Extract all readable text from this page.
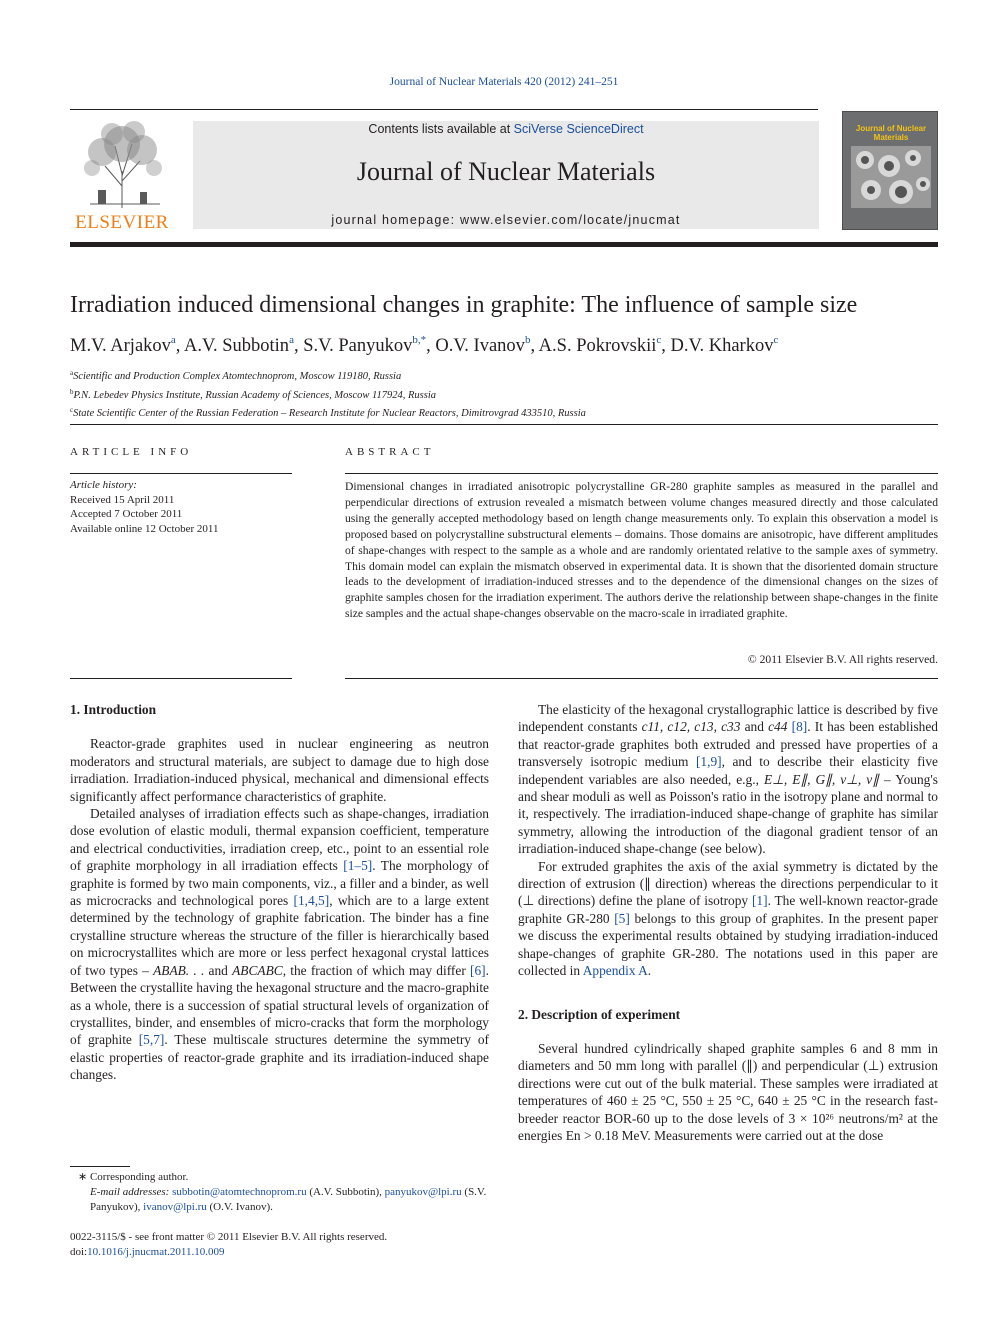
Journal of Nuclear Materials 420 (2012) 241–251
ELSEVIER
Contents lists available at SciVerse ScienceDirect
Journal of Nuclear Materials
journal homepage: www.elsevier.com/locate/jnucmat
Journal of Nuclear Materials
Irradiation induced dimensional changes in graphite: The influence of sample size
M.V. Arjakov$^a$, A.V. Subbotin$^a$, S.V. Panyukov$^{b,*}$, O.V. Ivanov$^b$, A.S. Pokrovskii$^c$, D.V. Kharkov$^c$
$^a$Scientific and Production Complex Atomtechnoprom, Moscow 119180, Russia
$^b$P.N. Lebedev Physics Institute, Russian Academy of Sciences, Moscow 117924, Russia
$^c$State Scientific Center of the Russian Federation – Research Institute for Nuclear Reactors, Dimitrovgrad 433510, Russia
ARTICLE INFO
Article history:
Received 15 April 2011
Accepted 7 October 2011
Available online 12 October 2011
ABSTRACT
Dimensional changes in irradiated anisotropic polycrystalline GR-280 graphite samples as measured in the parallel and perpendicular directions of extrusion revealed a mismatch between volume changes measured directly and those calculated using the generally accepted methodology based on length change measurements only. To explain this observation a model is proposed based on polycrystalline substructural elements – domains. Those domains are anisotropic, have different amplitudes of shape-changes with respect to the sample as a whole and are randomly orientated relative to the sample axes of symmetry. This domain model can explain the mismatch observed in experimental data. It is shown that the disoriented domain structure leads to the development of irradiation-induced stresses and to the dependence of the dimensional changes on the sizes of graphite samples chosen for the irradiation experiment. The authors derive the relationship between shape-changes in the finite size samples and the actual shape-changes observable on the macro-scale in irradiated graphite.
© 2011 Elsevier B.V. All rights reserved.

1. Introduction

Reactor-grade graphites used in nuclear engineering as neutron moderators and structural materials, are subject to damage due to high dose irradiation. Irradiation-induced physical, mechanical and dimensional effects significantly affect performance characteristics of graphite.

Detailed analyses of irradiation effects such as shape-changes, irradiation dose evolution of elastic moduli, thermal expansion coefficient, temperature and electrical conductivities, irradiation creep, etc., point to an essential role of graphite morphology in all irradiation effects [1–5]. The morphology of graphite is formed by two main components, viz., a filler and a binder, as well as microcracks and technological pores [1,4,5], which are to a large extent determined by the technology of graphite fabrication. The binder has a fine crystalline structure whereas the structure of the filler is hierarchically based on microcrystallites which are more or less perfect hexagonal crystal lattices of two types – ABAB. . . and ABCABC, the fraction of which may differ [6]. Between the crystallite having the hexagonal structure and the macro-graphite as a whole, there is a succession of spatial structural levels of organization of crystallites, binder, and ensembles of micro-cracks that form the morphology of graphite [5,7]. These multiscale structures determine the symmetry of elastic properties of reactor-grade graphite and its irradiation-induced shape changes.

The elasticity of the hexagonal crystallographic lattice is described by five independent constants c11, c12, c13, c33 and c44 [8]. It has been established that reactor-grade graphites both extruded and pressed have properties of a transversely isotropic medium [1,9], and to describe their elasticity five independent variables are also needed, e.g., E⊥, E∥, G∥, v⊥, v∥ – Young's and shear moduli as well as Poisson's ratio in the isotropy plane and normal to it, respectively. The irradiation-induced shape-change of graphite has similar symmetry, allowing the introduction of the diagonal gradient tensor of an irradiation-induced shape-change (see below).

For extruded graphites the axis of the axial symmetry is dictated by the direction of extrusion (∥ direction) whereas the directions perpendicular to it (⊥ directions) define the plane of isotropy [1]. The well-known reactor-grade graphite GR-280 [5] belongs to this group of graphites. In the present paper we discuss the experimental results obtained by studying irradiation-induced shape-changes of graphite GR-280. The notations used in this paper are collected in Appendix A.

2. Description of experiment

Several hundred cylindrically shaped graphite samples 6 and 8 mm in diameters and 50 mm long with parallel (∥) and perpendicular (⊥) extrusion directions were cut out of the bulk material. These samples were irradiated at temperatures of 460 ± 25 °C, 550 ± 25 °C, 640 ± 25 °C in the research fast-breeder reactor BOR-60 up to the dose levels of 3 × 10²⁶ neutrons/m² at the energies En > 0.18 MeV. Measurements were carried out at the dose

∗ Corresponding author.
E-mail addresses: subbotin@atomtechnoprom.ru (A.V. Subbotin), panyukov@lpi.ru (S.V. Panyukov), ivanov@lpi.ru (O.V. Ivanov).
0022-3115/$ - see front matter © 2011 Elsevier B.V. All rights reserved.
doi:10.1016/j.jnucmat.2011.10.009
